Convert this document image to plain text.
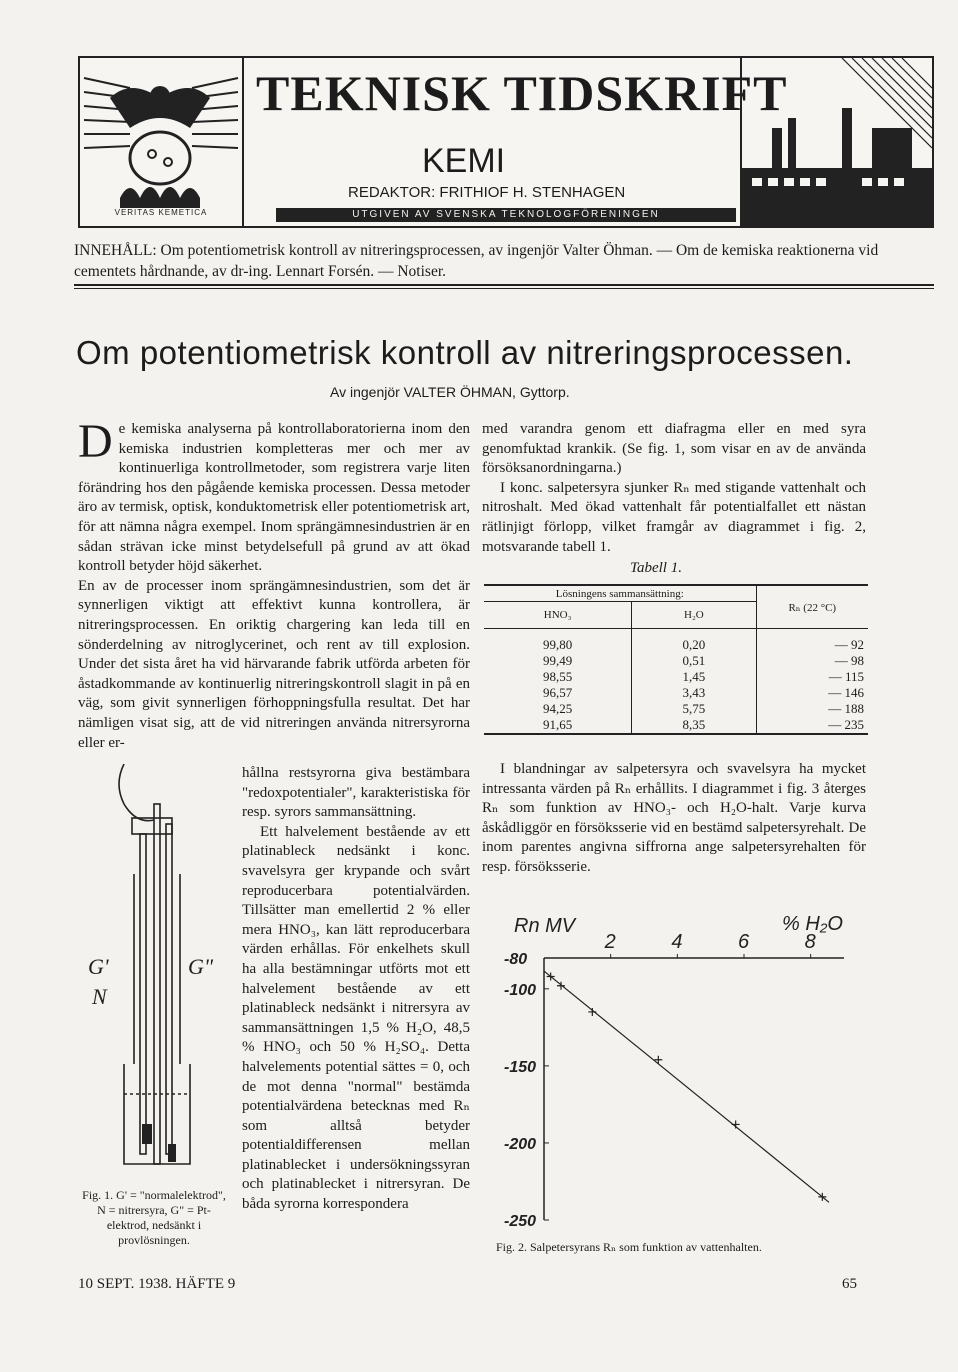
VERITAS KEMETICA
TEKNISK TIDSKRIFT
KEMI
REDAKTOR: FRITHIOF H. STENHAGEN
UTGIVEN AV SVENSKA TEKNOLOGFÖRENINGEN
INNEHÅLL: Om potentiometrisk kontroll av nitreringsprocessen, av ingenjör Valter Öhman. — Om de kemiska reaktionerna vid cementets hårdnande, av dr-ing. Lennart Forsén. — Notiser.
Om potentiometrisk kontroll av nitreringsprocessen.
Av ingenjör VALTER ÖHMAN, Gyttorp.

De kemiska analyserna på kontrollaboratorierna inom den kemiska industrien kompletteras mer och mer av kontinuerliga kontrollmetoder, som registrera varje liten förändring hos den pågående kemiska processen. Dessa metoder äro av termisk, optisk, konduktometrisk eller potentiometrisk art, för att nämna några exempel. Inom sprängämnesindustrien är en sådan strävan icke minst betydelsefull på grund av att ökad kontroll betyder höjd säkerhet.

En av de processer inom sprängämnesindustrien, som det är synnerligen viktigt att effektivt kunna kontrollera, är nitreringsprocessen. En oriktig chargering kan leda till en sönderdelning av nitroglycerinet, och rent av till explosion. Under det sista året ha vid härvarande fabrik utförda arbeten för åstadkommande av kontinuerlig nitreringskontroll slagit in på en väg, som givit synnerligen förhoppningsfulla resultat. Det har nämligen visat sig, att de vid nitreringen använda nitrersyrorna eller er-

G'	G"
N
Fig. 1. G' = "normalelektrod", N = nitrersyra, G" = Pt-elektrod, nedsänkt i provlösningen.

hållna restsyrorna giva bestämbara "redoxpotentialer", karakteristiska för resp. syrors sammansättning.

Ett halvelement bestående av ett platinableck nedsänkt i konc. svavelsyra ger krypande och svårt reproducerbara potentialvärden. Tillsätter man emellertid 2 % eller mera HNO₃, kan lätt reproducerbara värden erhållas. För enkelhets skull ha alla bestämningar utförts mot ett halvelement bestående av ett platinableck nedsänkt i nitrersyra av sammansättningen 1,5 % H₂O, 48,5 % HNO₃ och 50 % H₂SO₄. Detta halvelements potential sättes = 0, och de mot denna "normal" bestämda potentialvärdena betecknas med Rₙ som alltså betyder potentialdifferensen mellan platinablecket i undersökningssyran och platinablecket i nitrersyran. De båda syrorna korrespondera

med varandra genom ett diafragma eller en med syra genomfuktad krankik. (Se fig. 1, som visar en av de använda försöksanordningarna.)

I konc. salpetersyra sjunker Rₙ med stigande vattenhalt och nitroshalt. Med ökad vattenhalt får potentialfallet ett nästan rätlinjigt förlopp, vilket framgår av diagrammet i fig. 2, motsvarande tabell 1.

Tabell 1.
Lösningens sammansättning:		Rₙ (22 °C)
HNO₃	H₂O	
99,80	0,20	— 92
99,49	0,51	— 98
98,55	1,45	— 115
96,57	3,43	— 146
94,25	5,75	— 188
91,65	8,35	— 235

I blandningar av salpetersyra och svavelsyra ha mycket intressanta värden på Rₙ erhållits. I diagrammet i fig. 3 återges Rₙ som funktion av HNO₃- och H₂O-halt. Varje kurva åskådliggör en försöksserie vid en bestämd salpetersyrehalt. De inom parentes angivna siffrorna ange salpetersyrehalten för resp. försöksserie.

Rn MV	% H₂O
2	4	6	8
-80
-100
-150
-200
-250
Fig. 2. Salpetersyrans Rₙ som funktion av vattenhalten.
10 SEPT. 1938. HÄFTE 9	65
